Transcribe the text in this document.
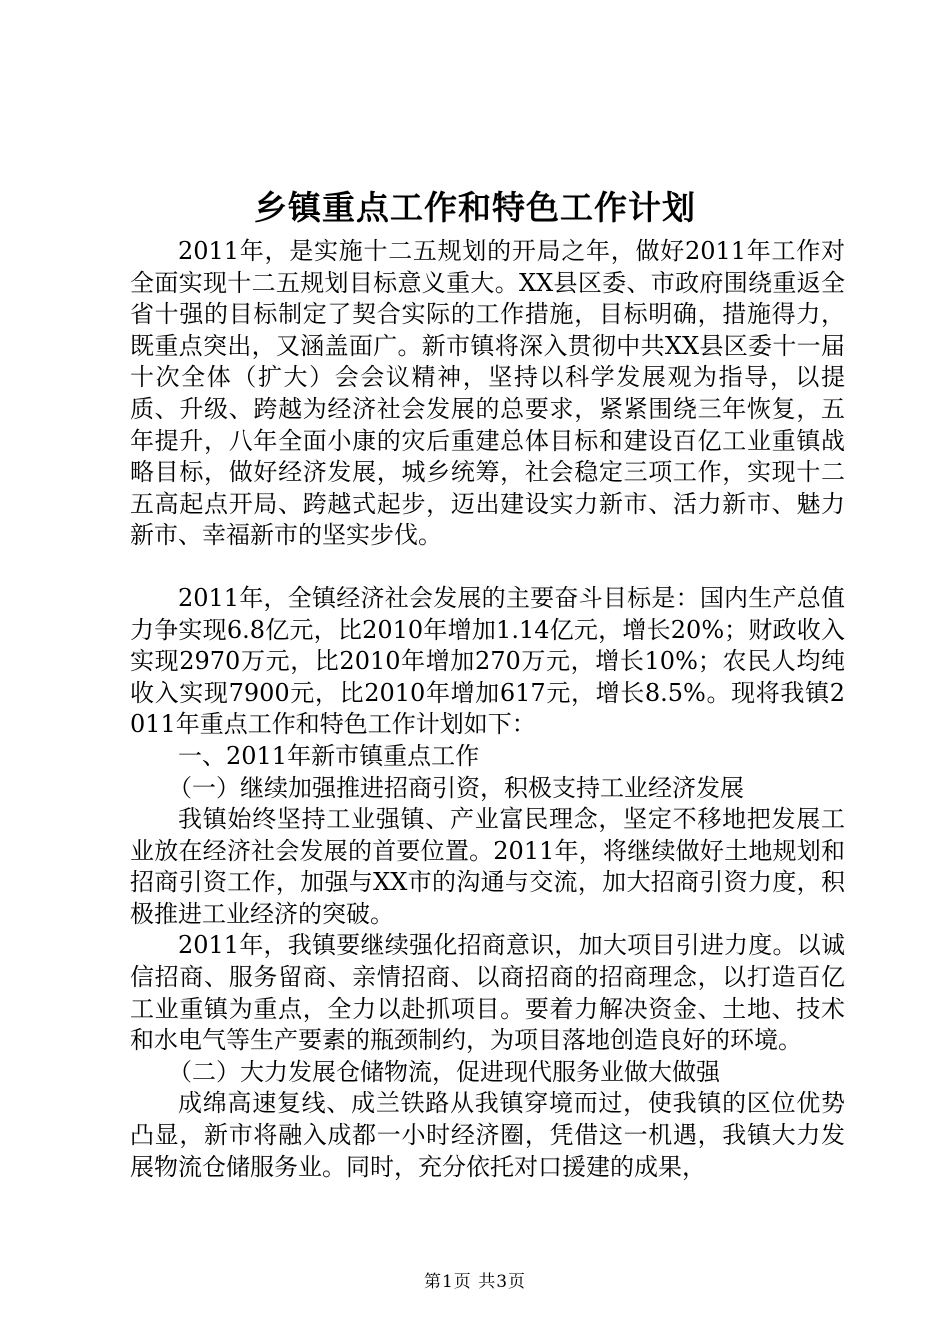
乡镇重点工作和特色工作计划

2011年，是实施十二五规划的开局之年，做好2011年工作对全面实现十二五规划目标意义重大。XX县区委、市政府围绕重返全省十强的目标制定了契合实际的工作措施，目标明确，措施得力，既重点突出，又涵盖面广。新市镇将深入贯彻中共XX县区委十一届十次全体（扩大）会会议精神，坚持以科学发展观为指导，以提质、升级、跨越为经济社会发展的总要求，紧紧围绕三年恢复，五年提升，八年全面小康的灾后重建总体目标和建设百亿工业重镇战略目标，做好经济发展，城乡统筹，社会稳定三项工作，实现十二五高起点开局、跨越式起步，迈出建设实力新市、活力新市、魅力新市、幸福新市的坚实步伐。

2011年，全镇经济社会发展的主要奋斗目标是：国内生产总值力争实现6.8亿元，比2010年增加1.14亿元，增长20%；财政收入实现2970万元，比2010年增加270万元，增长10%；农民人均纯收入实现7900元，比2010年增加617元，增长8.5%。现将我镇2011年重点工作和特色工作计划如下：

一、2011年新市镇重点工作

（一）继续加强推进招商引资，积极支持工业经济发展

我镇始终坚持工业强镇、产业富民理念，坚定不移地把发展工业放在经济社会发展的首要位置。2011年，将继续做好土地规划和招商引资工作，加强与XX市的沟通与交流，加大招商引资力度，积极推进工业经济的突破。

2011年，我镇要继续强化招商意识，加大项目引进力度。以诚信招商、服务留商、亲情招商、以商招商的招商理念，以打造百亿工业重镇为重点，全力以赴抓项目。要着力解决资金、土地、技术和水电气等生产要素的瓶颈制约，为项目落地创造良好的环境。

（二）大力发展仓储物流，促进现代服务业做大做强

成绵高速复线、成兰铁路从我镇穿境而过，使我镇的区位优势凸显，新市将融入成都一小时经济圈，凭借这一机遇，我镇大力发展物流仓储服务业。同时，充分依托对口援建的成果，

第1页 共3页
